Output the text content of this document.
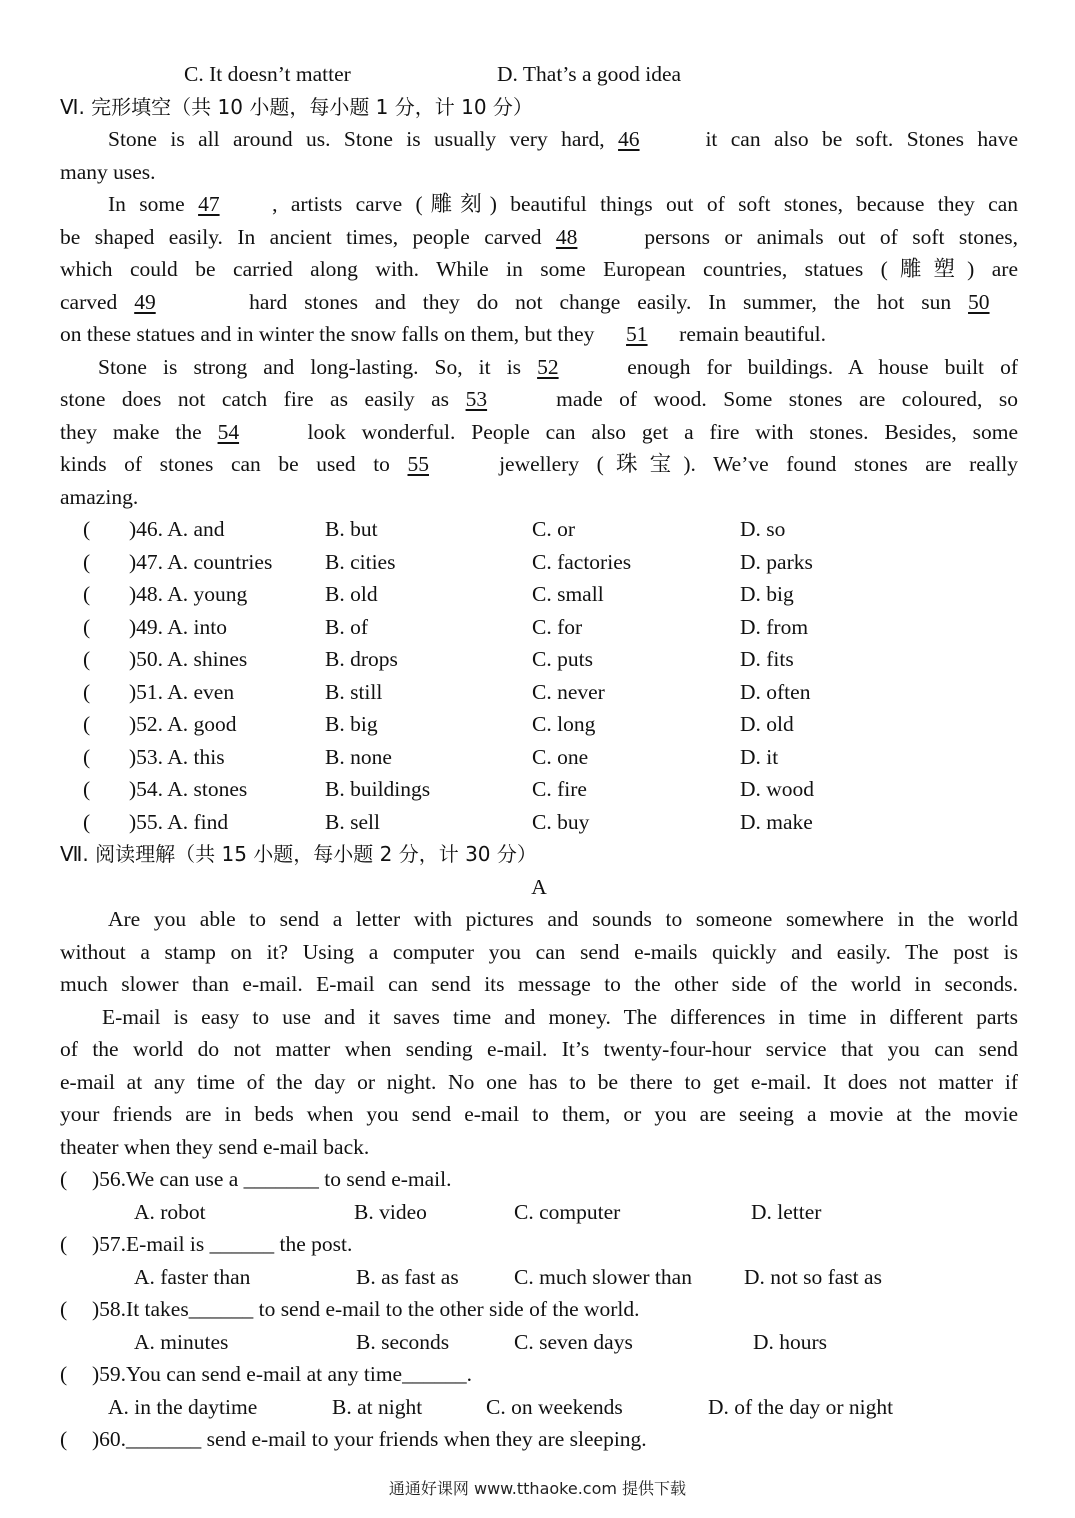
C. It doesn’t matter	D. That’s a good idea
Ⅵ. 完形填空（共 10 小题，每小题 1 分，计 10 分）
Stone is all around us. Stone is usually very hard, 46	it can also be soft. Stones have
many uses.
In some 47 , artists carve (雕刻) beautiful things out of soft stones, because they can
be shaped easily. In ancient times, people carved 48	persons or animals out of soft stones,
which could be carried along with. While in some European countries, statues (雕塑) are
carved 49	hard stones and they do not change easily. In summer, the hot sun 50
on these statues and in winter the snow falls on them, but they 51 remain beautiful.
Stone is strong and long-lasting. So, it is 52	enough for buildings. A house built of
stone does not catch fire as easily as 53	made of wood. Some stones are coloured, so
they make the 54	look wonderful. People can also get a fire with stones. Besides, some
kinds of stones can be used to 55	jewellery (珠宝). We’ve found stones are really
amazing.
( )46. A. and	B. but	C. or	D. so
( )47. A. countries B. cities	C. factories	D. parks
( )48. A. young	B. old	C. small	D. big
( )49. A. into	B. of	C. for	D. from
( )50. A. shines	B. drops	C. puts	D. fits
( )51. A. even	B. still	C. never	D. often
( )52. A. good	B. big	C. long	D. old
( )53. A. this	B. none	C. one	D. it
( )54. A. stones	B. buildings	C. fire	D. wood
( )55. A. find	B. sell	C. buy	D. make
Ⅶ. 阅读理解（共 15 小题，每小题 2 分，计 30 分）
A
Are you able to send a letter with pictures and sounds to someone somewhere in the world
without a stamp on it? Using a computer you can send e-mails quickly and easily. The post is
much slower than e-mail. E-mail can send its message to the other side of the world in seconds.
E-mail is easy to use and it saves time and money. The differences in time in different parts
of the world do not matter when sending e-mail. It’s twenty-four-hour service that you can send
e-mail at any time of the day or night. No one has to be there to get e-mail. It does not matter if
your friends are in beds when you send e-mail to them, or you are seeing a movie at the movie
theater when they send e-mail back.
( )56.We can use a _______ to send e-mail.
A. robot	B. video	C. computer	D. letter
( )57.E-mail is ______ the post.
A. faster than	B. as fast as	C. much slower than D. not so fast as
( )58.It takes______ to send e-mail to the other side of the world.
A. minutes	B. seconds	C. seven days	D. hours
( )59.You can send e-mail at any time______.
A. in the daytime	B. at night	C. on weekends	D. of the day or night
( )60._______ send e-mail to your friends when they are sleeping.
通通好课网 www.tthaoke.com 提供下载
